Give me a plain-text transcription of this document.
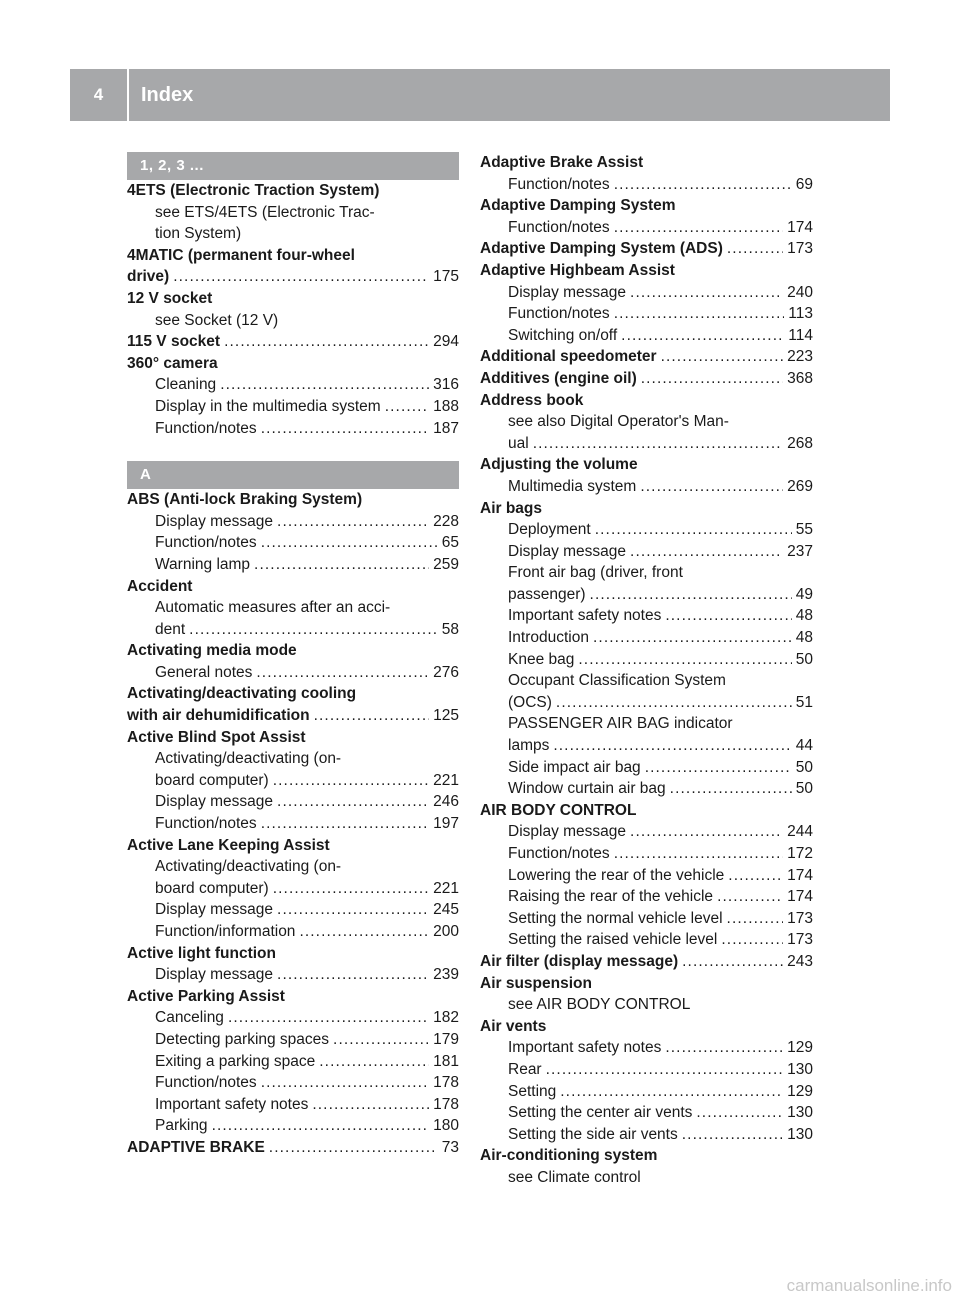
4	Index
1, 2, 3 ...
4ETS (Electronic Traction System)
see ETS/4ETS (Electronic Trac-
tion System)
4MATIC (permanent four-wheel
drive) . . .	175
12 V socket
see Socket (12 V)
115 V socket . . .	294
360° camera
Cleaning . . .	316
Display in the multimedia system . . .	188
Function/notes . . .	187
A
ABS (Anti-lock Braking System)
Display message . . .	228
Function/notes . . .	65
Warning lamp . . .	259
Accident
Automatic measures after an acci-
dent . . .	58
Activating media mode
General notes . . .	276
Activating/deactivating cooling
with air dehumidification . . .	125
Active Blind Spot Assist
Activating/deactivating (on-
board computer) . . .	221
Display message . . .	246
Function/notes . . .	197
Active Lane Keeping Assist
Activating/deactivating (on-
board computer) . . .	221
Display message . . .	245
Function/information . . .	200
Active light function
Display message . . .	239
Active Parking Assist
Canceling . . .	182
Detecting parking spaces . . .	179
Exiting a parking space . . .	181
Function/notes . . .	178
Important safety notes . . .	178
Parking . . .	180
ADAPTIVE BRAKE . . .	73
Adaptive Brake Assist
Function/notes . . .	69
Adaptive Damping System
Function/notes . . .	174
Adaptive Damping System (ADS) . . .	173
Adaptive Highbeam Assist
Display message . . .	240
Function/notes . . .	113
Switching on/off . . .	114
Additional speedometer . . .	223
Additives (engine oil) . . .	368
Address book
see also Digital Operator's Man-
ual . . .	268
Adjusting the volume
Multimedia system . . .	269
Air bags
Deployment . . .	55
Display message . . .	237
Front air bag (driver, front
passenger) . . .	49
Important safety notes . . .	48
Introduction . . .	48
Knee bag . . .	50
Occupant Classification System
(OCS) . . .	51
PASSENGER AIR BAG indicator
lamps . . .	44
Side impact air bag . . .	50
Window curtain air bag . . .	50
AIR BODY CONTROL
Display message . . .	244
Function/notes . . .	172
Lowering the rear of the vehicle . . .	174
Raising the rear of the vehicle . . .	174
Setting the normal vehicle level . . .	173
Setting the raised vehicle level . . .	173
Air filter (display message) . . .	243
Air suspension
see AIR BODY CONTROL
Air vents
Important safety notes . . .	129
Rear . . .	130
Setting . . .	129
Setting the center air vents . . .	130
Setting the side air vents . . .	130
Air-conditioning system
see Climate control
carmanualsonline.info
